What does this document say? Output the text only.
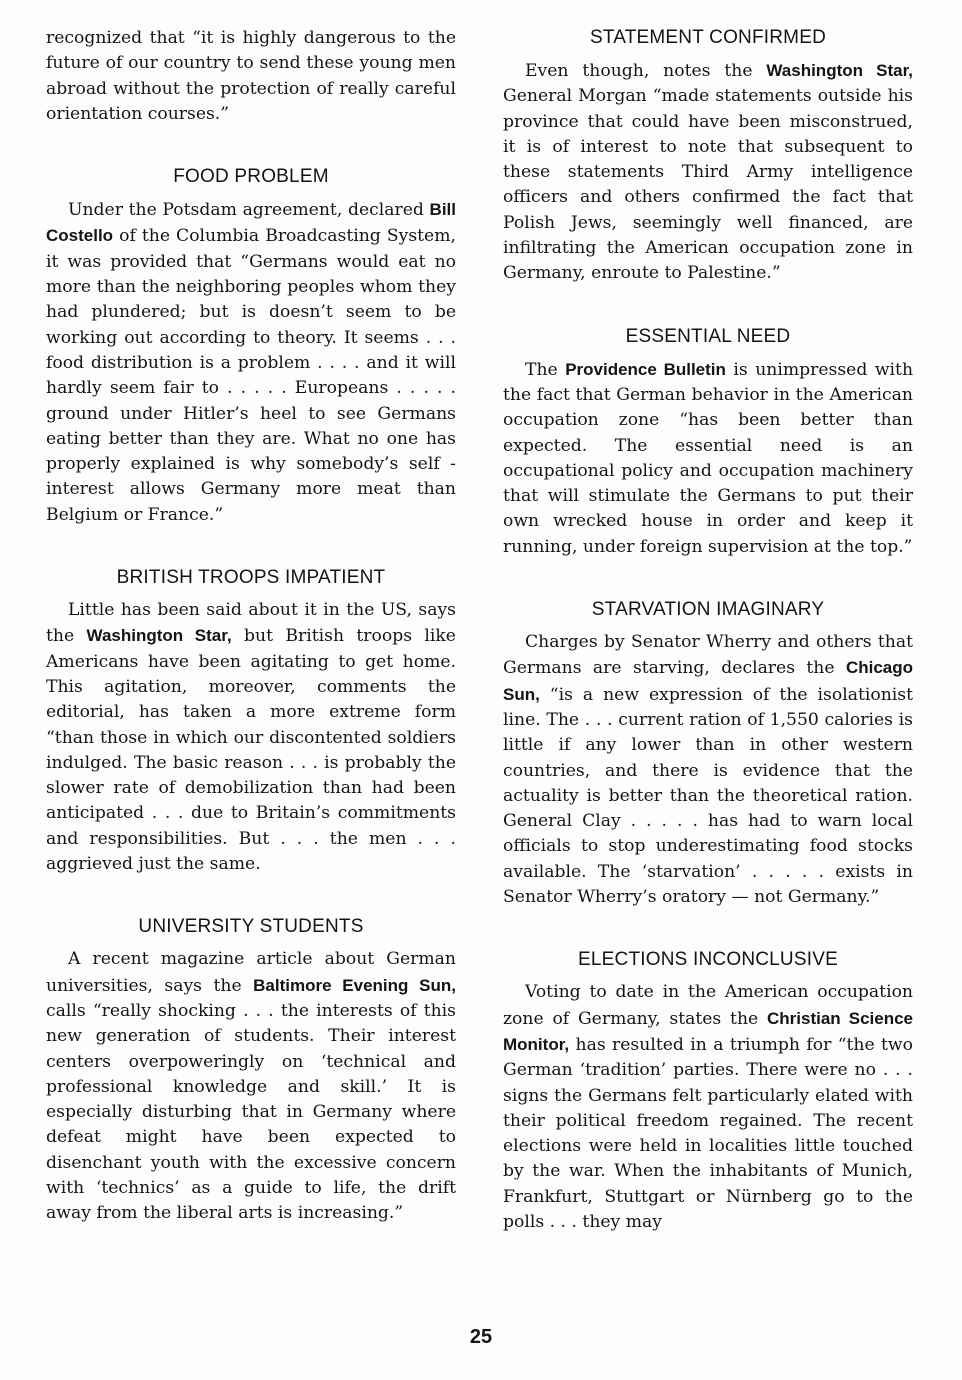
recognized that “it is highly dangerous to the future of our country to send these young men abroad without the protection of really careful orientation courses.”

FOOD PROBLEM

Under the Potsdam agreement, declared Bill Costello of the Columbia Broadcasting System, it was provided that “Germans would eat no more than the neighboring peoples whom they had plundered; but is doesn’t seem to be working out according to theory. It seems . . . food distribution is a problem . . . . and it will hardly seem fair to . . . . . Europeans . . . . . ground under Hitler’s heel to see Germans eating better than they are. What no one has properly explained is why somebody’s self - interest allows Germany more meat than Belgium or France.”

BRITISH TROOPS IMPATIENT

Little has been said about it in the US, says the Washington Star, but British troops like Americans have been agitating to get home. This agitation, moreover, comments the editorial, has taken a more extreme form “than those in which our discontented soldiers indulged. The basic reason . . . is probably the slower rate of demobilization than had been anticipated . . . due to Britain’s commitments and responsibilities. But . . . the men . . . aggrieved just the same.

UNIVERSITY STUDENTS

A recent magazine article about German universities, says the Baltimore Evening Sun, calls “really shocking . . . the interests of this new generation of students. Their interest centers overpoweringly on ‘technical and professional knowledge and skill.’ It is especially disturbing that in Germany where defeat might have been expected to disenchant youth with the excessive concern with ‘technics’ as a guide to life, the drift away from the liberal arts is increasing.”

STATEMENT CONFIRMED

Even though, notes the Washington Star, General Morgan “made statements outside his province that could have been misconstrued, it is of interest to note that subsequent to these statements Third Army intelligence officers and others confirmed the fact that Polish Jews, seemingly well financed, are infiltrating the American occupation zone in Germany, enroute to Palestine.”

ESSENTIAL NEED

The Providence Bulletin is unimpressed with the fact that German behavior in the American occupation zone “has been better than expected. The essential need is an occupational policy and occupation machinery that will stimulate the Germans to put their own wrecked house in order and keep it running, under foreign supervision at the top.”

STARVATION IMAGINARY

Charges by Senator Wherry and others that Germans are starving, declares the Chicago Sun, “is a new expression of the isolationist line. The . . . current ration of 1,550 calories is little if any lower than in other western countries, and there is evidence that the actuality is better than the theoretical ration. General Clay . . . . . has had to warn local officials to stop underestimating food stocks available. The ‘starvation’ . . . . . exists in Senator Wherry’s oratory — not Germany.”

ELECTIONS INCONCLUSIVE

Voting to date in the American occupation zone of Germany, states the Christian Science Monitor, has resulted in a triumph for “the two German ‘tradition’ parties. There were no . . . signs the Germans felt particularly elated with their political freedom regained. The recent elections were held in localities little touched by the war. When the inhabitants of Munich, Frankfurt, Stuttgart or Nürnberg go to the polls . . . they may

25
